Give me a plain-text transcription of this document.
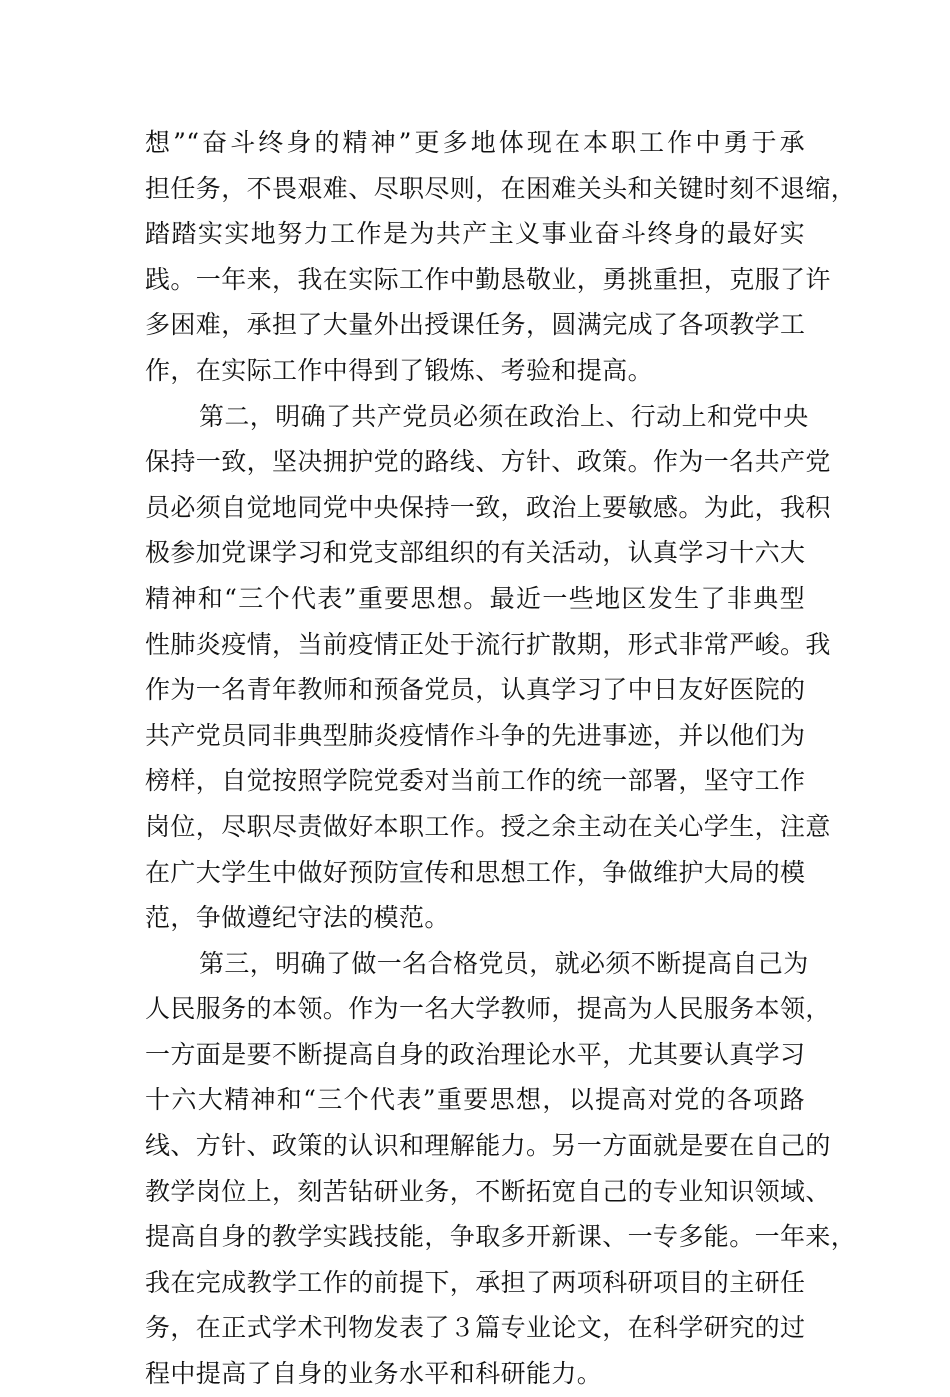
想”“奋斗终身的精神”更多地体现在本职工作中勇于承
担任务，不畏艰难、尽职尽则，在困难关头和关键时刻不退缩，
踏踏实实地努力工作是为共产主义事业奋斗终身的最好实
践。一年来，我在实际工作中勤恳敬业，勇挑重担，克服了许
多困难，承担了大量外出授课任务，圆满完成了各项教学工
作，在实际工作中得到了锻炼、考验和提高。
第二，明确了共产党员必须在政治上、行动上和党中央
保持一致，坚决拥护党的路线、方针、政策。作为一名共产党
员必须自觉地同党中央保持一致，政治上要敏感。为此，我积
极参加党课学习和党支部组织的有关活动，认真学习十六大
精神和“三个代表”重要思想。最近一些地区发生了非典型
性肺炎疫情，当前疫情正处于流行扩散期，形式非常严峻。我
作为一名青年教师和预备党员，认真学习了中日友好医院的
共产党员同非典型肺炎疫情作斗争的先进事迹，并以他们为
榜样，自觉按照学院党委对当前工作的统一部署，坚守工作
岗位，尽职尽责做好本职工作。授之余主动在关心学生，注意
在广大学生中做好预防宣传和思想工作，争做维护大局的模
范，争做遵纪守法的模范。
第三，明确了做一名合格党员，就必须不断提高自己为
人民服务的本领。作为一名大学教师，提高为人民服务本领，
一方面是要不断提高自身的政治理论水平，尤其要认真学习
十六大精神和“三个代表”重要思想，以提高对党的各项路
线、方针、政策的认识和理解能力。另一方面就是要在自己的
教学岗位上，刻苦钻研业务，不断拓宽自己的专业知识领域、
提高自身的教学实践技能，争取多开新课、一专多能。一年来，
我在完成教学工作的前提下，承担了两项科研项目的主研任
务，在正式学术刊物发表了３篇专业论文，在科学研究的过
程中提高了自身的业务水平和科研能力。
